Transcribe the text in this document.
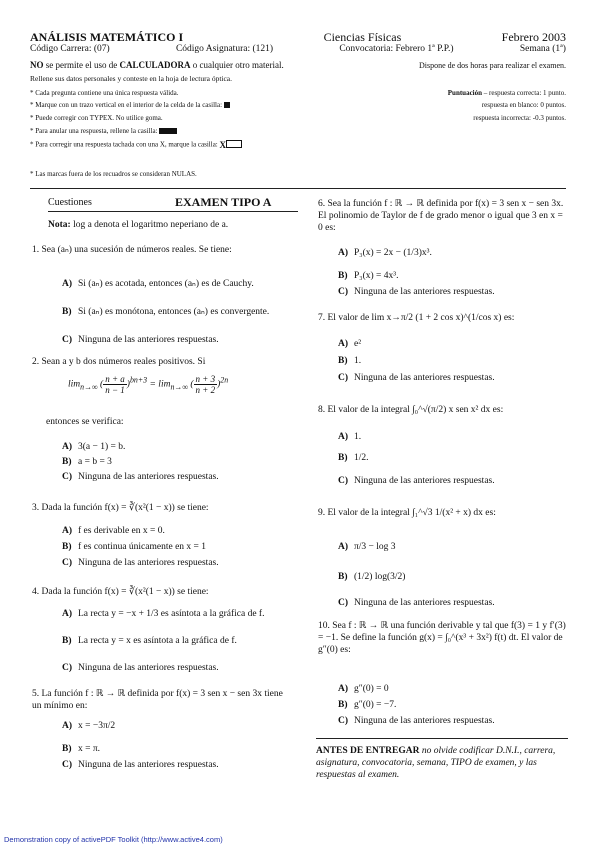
ANÁLISIS MATEMÁTICO I	Ciencias Físicas	Febrero 2003
Código Carrera: (07)	Código Asignatura: (121)	Convocatoria: Febrero 1ª P.P.)	Semana (1ª)
NO se permite el uso de CALCULADORA o cualquier otro material.	Dispone de dos horas para realizar el examen.
Rellene sus datos personales y conteste en la hoja de lectura óptica.
* Cada pregunta contiene una única respuesta válida.	Puntuación – respuesta correcta: 1 punto.
* Marque con un trazo vertical en el interior de la celda de la casilla:	respuesta en blanco: 0 puntos.
* Puede corregir con TYPEX. No utilice goma.	respuesta incorrecta: -0.3 puntos.
* Para anular una respuesta, rellene la casilla:
* Para corregir una respuesta tachada con una X, marque la casilla: X
* Las marcas fuera de los recuadros se consideran NULAS.
Cuestiones	EXAMEN TIPO A
Nota: log a denota el logaritmo neperiano de a.
1. Sea (aₙ) una sucesión de números reales. Se tiene:
A) Si (aₙ) es acotada, entonces (aₙ) es de Cauchy.
B) Si (aₙ) es monótona, entonces (aₙ) es convergente.
C) Ninguna de las anteriores respuestas.
2. Sean a y b dos números reales positivos. Si
$\lim_{n\to\infty}$ ( $\frac{n + a}{n - 1} )^{bn+3} = \lim_{n\to\infty}$ ( $\frac{n + 3}{n + 2} )^{2n}$
entonces se verifica:
A) 3(a − 1) = b.
B) a = b = 3
C) Ninguna de las anteriores respuestas.
3. Dada la función f(x) = ∛(x²(1 − x)) se tiene:
A) f es derivable en x = 0.
B) f es continua únicamente en x = 1
C) Ninguna de las anteriores respuestas.
4. Dada la función f(x) = ∛(x²(1 − x)) se tiene:
A) La recta y = −x + 1/3 es asíntota a la gráfica de f.
B) La recta y = x es asíntota a la gráfica de f.
C) Ninguna de las anteriores respuestas.
5. La función f : ℝ → ℝ definida por f(x) = 3 sen x − sen 3x tiene un mínimo en:
A) x = −3π/2
B) x = π.
C) Ninguna de las anteriores respuestas.
6. Sea la función f : ℝ → ℝ definida por f(x) = 3 sen x − sen 3x. El polinomio de Taylor de f de grado menor o igual que 3 en x = 0 es:
A) P₃(x) = 2x − (1/3)x³.
B) P₃(x) = 4x³.
C) Ninguna de las anteriores respuestas.
7. El valor de lim x→π/2 (1 + 2 cos x)^(1/cos x) es:
A) e²
B) 1.
C) Ninguna de las anteriores respuestas.
8. El valor de la integral ∫₀^√(π/2) x sen x² dx es:
A) 1.
B) 1/2.
C) Ninguna de las anteriores respuestas.
9. El valor de la integral ∫₁^√3 1/(x² + x) dx es:
A) π/3 − log 3
B) (1/2) log(3/2)
C) Ninguna de las anteriores respuestas.
10. Sea f : ℝ → ℝ una función derivable y tal que f(3) = 1 y f′(3) = −1. Se define la función g(x) = ∫₀^(x³ + 3x²) f(t) dt. El valor de g″(0) es:
A) g″(0) = 0
B) g″(0) = −7.
C) Ninguna de las anteriores respuestas.
ANTES DE ENTREGAR no olvide codificar D.N.I., carrera, asignatura, convocatoria, semana, TIPO de examen, y las respuestas al examen.
Demonstration copy of activePDF Toolkit (http://www.active4.com)
